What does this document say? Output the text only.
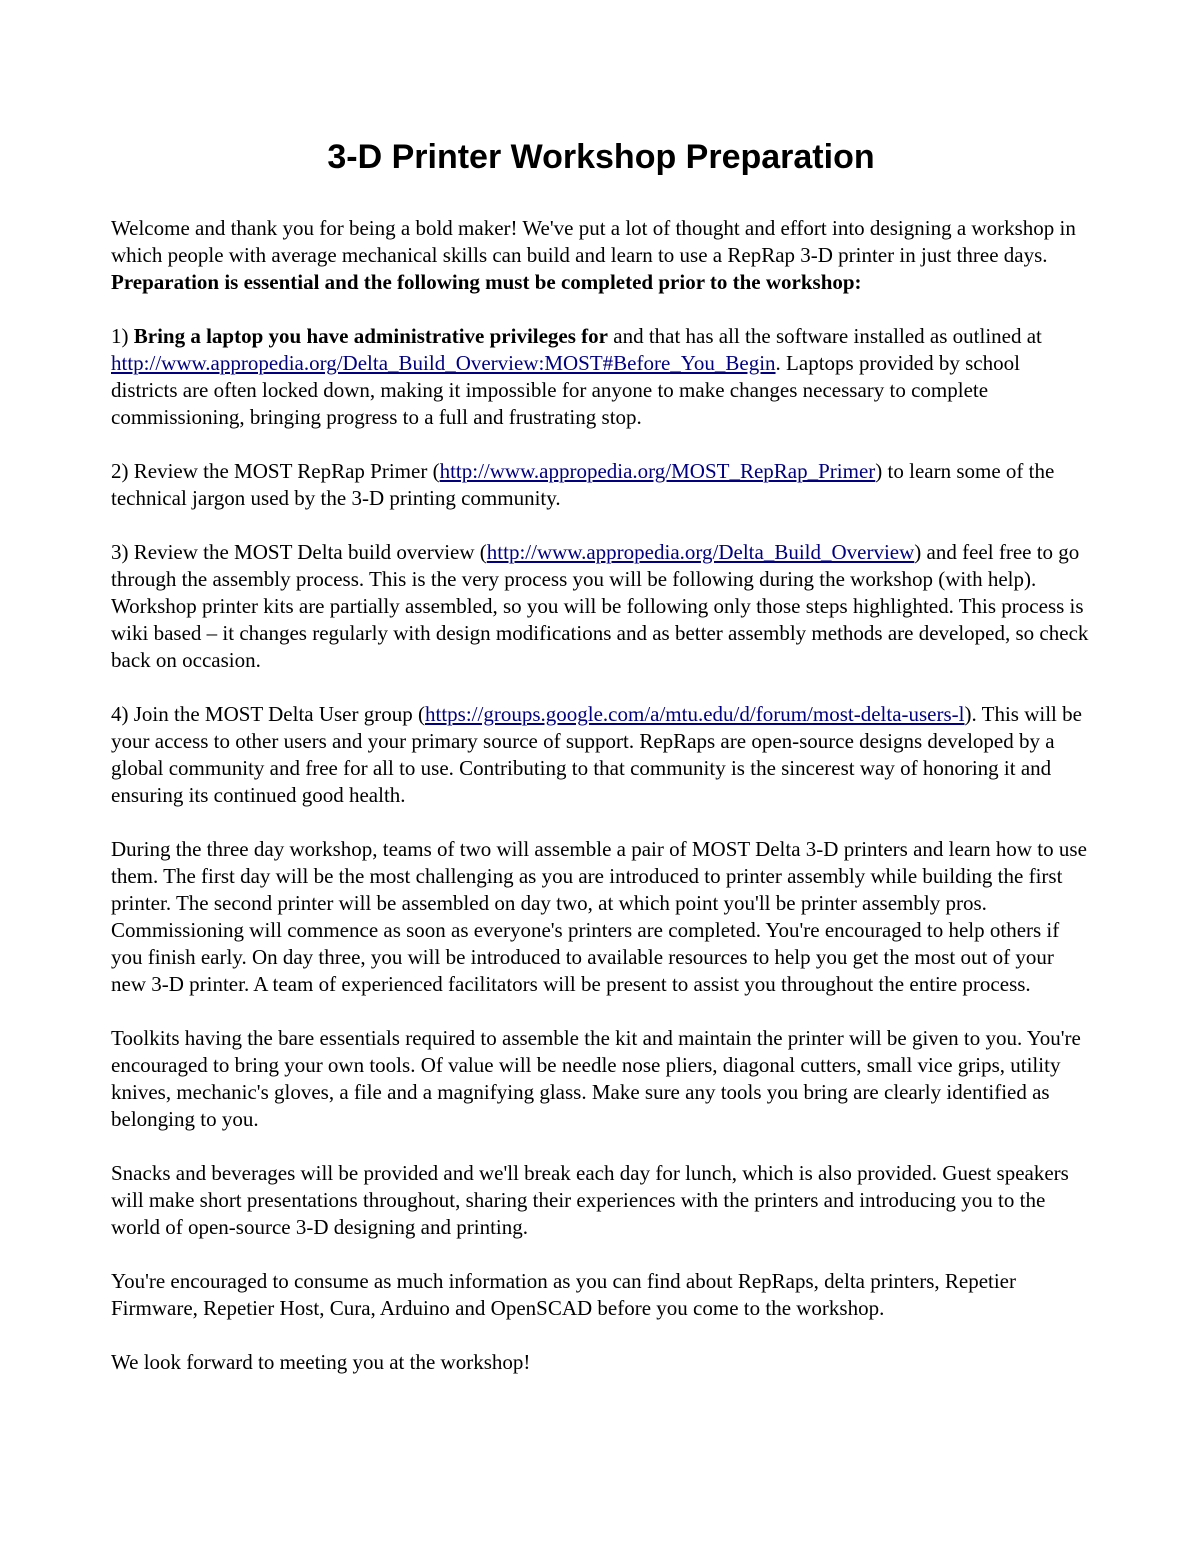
3-D Printer Workshop Preparation

Welcome and thank you for being a bold maker! We've put a lot of thought and effort into designing a workshop in which people with average mechanical skills can build and learn to use a RepRap 3-D printer in just three days. Preparation is essential and the following must be completed prior to the workshop:

1) Bring a laptop you have administrative privileges for and that has all the software installed as outlined at http://www.appropedia.org/Delta_Build_Overview:MOST#Before_You_Begin. Laptops provided by school districts are often locked down, making it impossible for anyone to make changes necessary to complete commissioning, bringing progress to a full and frustrating stop.

2) Review the MOST RepRap Primer (http://www.appropedia.org/MOST_RepRap_Primer) to learn some of the technical jargon used by the 3-D printing community.

3) Review the MOST Delta build overview (http://www.appropedia.org/Delta_Build_Overview) and feel free to go through the assembly process. This is the very process you will be following during the workshop (with help). Workshop printer kits are partially assembled, so you will be following only those steps highlighted. This process is wiki based – it changes regularly with design modifications and as better assembly methods are developed, so check back on occasion.

4) Join the MOST Delta User group (https://groups.google.com/a/mtu.edu/d/forum/most-delta-users-l). This will be your access to other users and your primary source of support. RepRaps are open-source designs developed by a global community and free for all to use. Contributing to that community is the sincerest way of honoring it and ensuring its continued good health.

During the three day workshop, teams of two will assemble a pair of MOST Delta 3-D printers and learn how to use them. The first day will be the most challenging as you are introduced to printer assembly while building the first printer. The second printer will be assembled on day two, at which point you'll be printer assembly pros. Commissioning will commence as soon as everyone's printers are completed. You're encouraged to help others if you finish early. On day three, you will be introduced to available resources to help you get the most out of your new 3-D printer. A team of experienced facilitators will be present to assist you throughout the entire process.

Toolkits having the bare essentials required to assemble the kit and maintain the printer will be given to you. You're encouraged to bring your own tools. Of value will be needle nose pliers, diagonal cutters, small vice grips, utility knives, mechanic's gloves, a file and a magnifying glass. Make sure any tools you bring are clearly identified as belonging to you.

Snacks and beverages will be provided and we'll break each day for lunch, which is also provided. Guest speakers will make short presentations throughout, sharing their experiences with the printers and introducing you to the world of open-source 3-D designing and printing.

You're encouraged to consume as much information as you can find about RepRaps, delta printers, Repetier Firmware, Repetier Host, Cura, Arduino and OpenSCAD before you come to the workshop.

We look forward to meeting you at the workshop!
